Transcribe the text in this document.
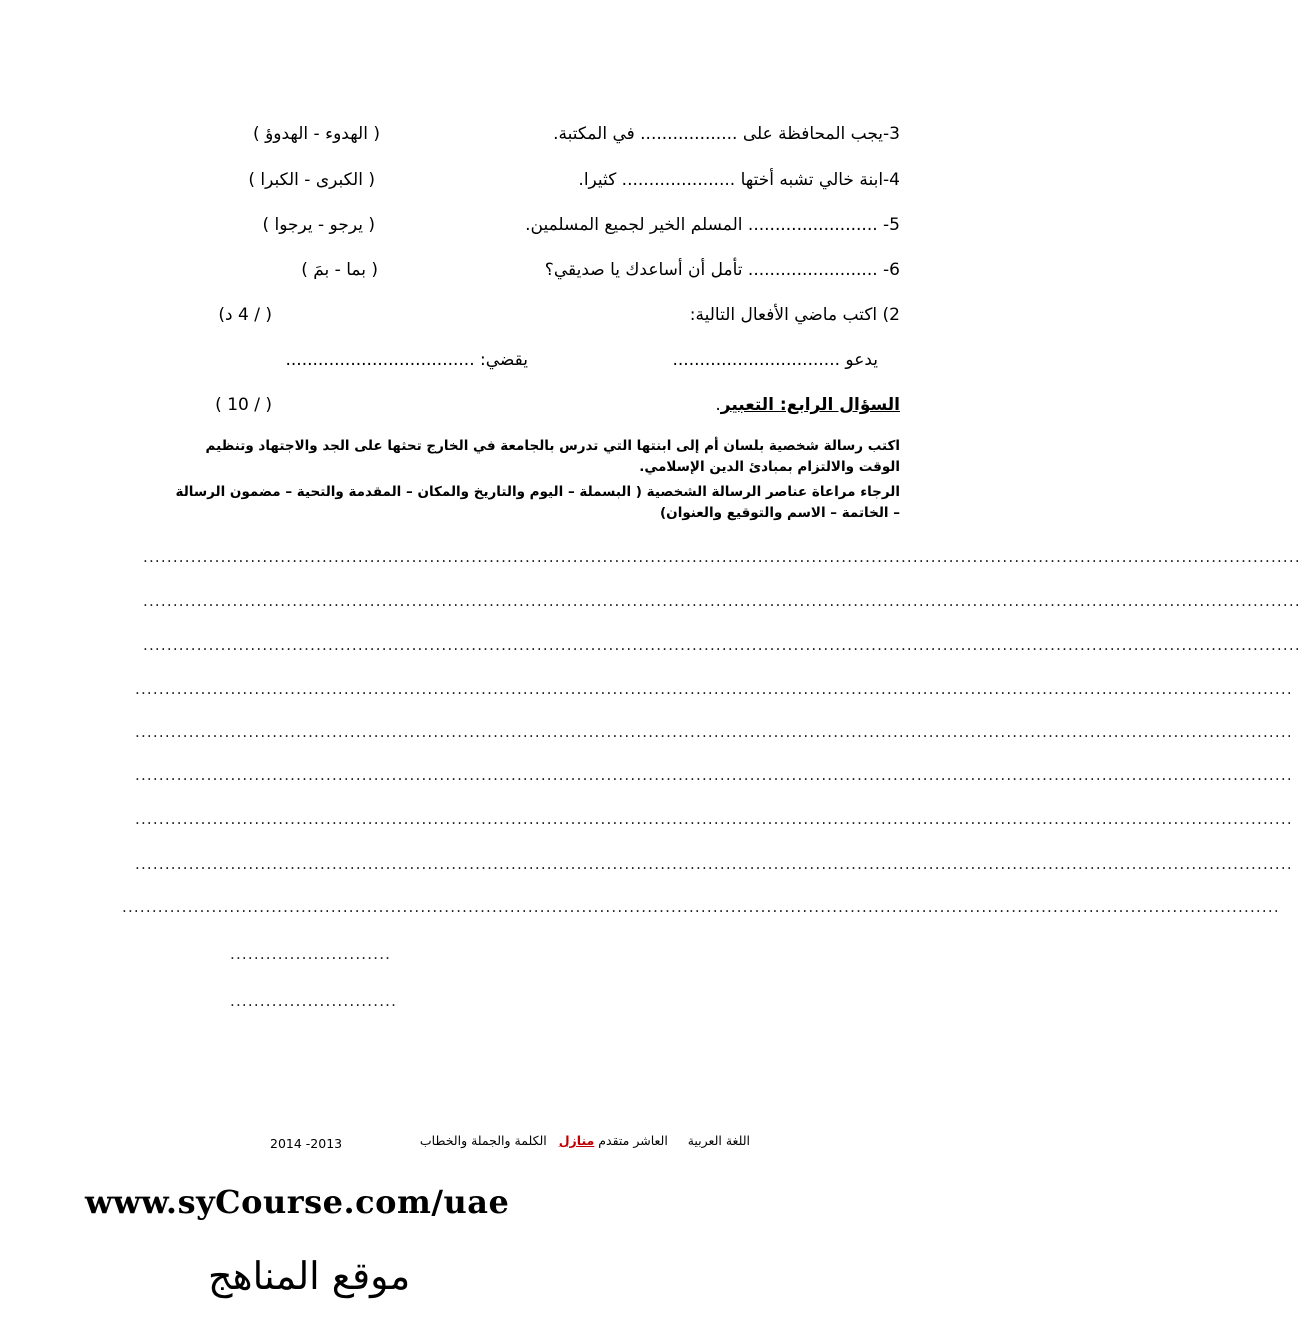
3-يجب المحافظة على .................. في المكتبة.
( الهدوء - الهدوؤ )
4-ابنة خالي تشبه أختها ..................... كثيرا.
( الكبرى - الكبرا )
5- ........................ المسلم الخير لجميع المسلمين.
( يرجو - يرجوا )
6- ........................ تأمل أن أساعدك يا صديقي؟
( بما - بمَ )
2) اكتب ماضي الأفعال التالية:
( / 4 د)
يدعو ...............................
يقضي: ...................................
السؤال الرابع: التعبير.
( / 10 )
اكتب رسالة شخصية بلسان أم إلى ابنتها التي تدرس بالجامعة في الخارج تحثها على الجد والاجتهاد وتنظيم الوقت والالتزام بمبادئ الدين الإسلامي.
الرجاء مراعاة عناصر الرسالة الشخصية ( البسملة – اليوم والتاريخ والمكان – المقدمة والتحية – مضمون الرسالة – الخاتمة – الاسم والتوقيع والعنوان)
..................................................................................................................................................................................................
..................................................................................................................................................................................................
..................................................................................................................................................................................................
..................................................................................................................................................................................................
..................................................................................................................................................................................................
..................................................................................................................................................................................................
..................................................................................................................................................................................................
..................................................................................................................................................................................................
..................................................................................................................................................................................................
...........................
............................
2014 -2013	اللغة العربية     العاشر متقدم منازل   الكلمة والجملة والخطاب
www.syCourse.com/uae
موقع المناهج
